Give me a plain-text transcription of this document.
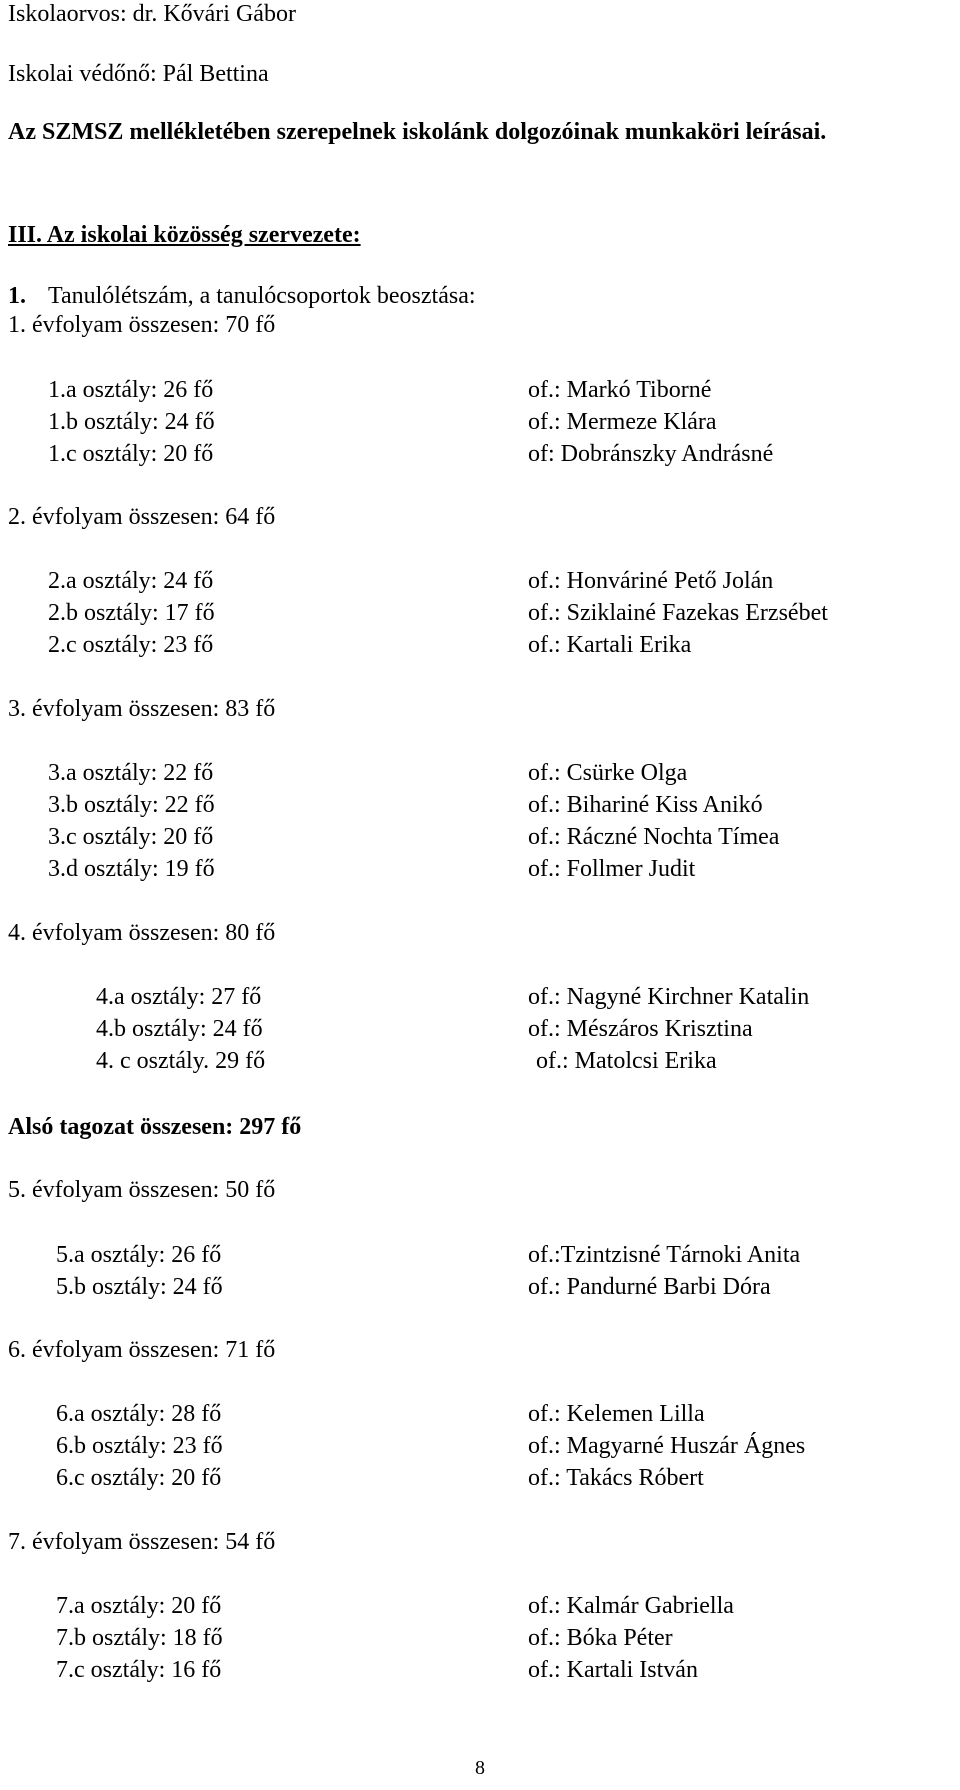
Iskolaorvos: dr. Kővári Gábor
Iskolai védőnő: Pál Bettina
Az SZMSZ mellékletében szerepelnek iskolánk dolgozóinak munkaköri leírásai.
III. Az iskolai közösség szervezete:
1. Tanulólétszám, a tanulócsoportok beosztása:
1. évfolyam összesen: 70 fő
1.a osztály: 26 fő	of.: Markó Tiborné
1.b osztály: 24 fő	of.: Mermeze Klára
1.c osztály: 20 fő	of: Dobránszky Andrásné
2. évfolyam összesen: 64 fő
2.a osztály: 24 fő	of.: Honváriné Pető Jolán
2.b osztály: 17 fő	of.: Sziklainé Fazekas Erzsébet
2.c osztály: 23 fő	of.: Kartali Erika
3. évfolyam összesen: 83 fő
3.a osztály: 22 fő	of.: Csürke Olga
3.b osztály: 22 fő	of.: Bihariné Kiss Anikó
3.c osztály: 20 fő	of.: Ráczné Nochta Tímea
3.d osztály: 19 fő	of.: Follmer Judit
4. évfolyam összesen: 80 fő
4.a osztály: 27 fő	of.: Nagyné Kirchner Katalin
4.b osztály: 24 fő	of.: Mészáros Krisztina
4. c osztály. 29 fő	of.: Matolcsi Erika
Alsó tagozat összesen: 297 fő
5. évfolyam összesen: 50 fő
5.a osztály: 26 fő	of.:Tzintzisné Tárnoki Anita
5.b osztály: 24 fő	of.: Pandurné Barbi Dóra
6. évfolyam összesen: 71 fő
6.a osztály: 28 fő	of.: Kelemen Lilla
6.b osztály: 23 fő	of.: Magyarné Huszár Ágnes
6.c osztály: 20 fő	of.: Takács Róbert
7. évfolyam összesen: 54 fő
7.a osztály: 20 fő	of.: Kalmár Gabriella
7.b osztály: 18 fő	of.: Bóka Péter
7.c osztály: 16 fő	of.: Kartali István
8
